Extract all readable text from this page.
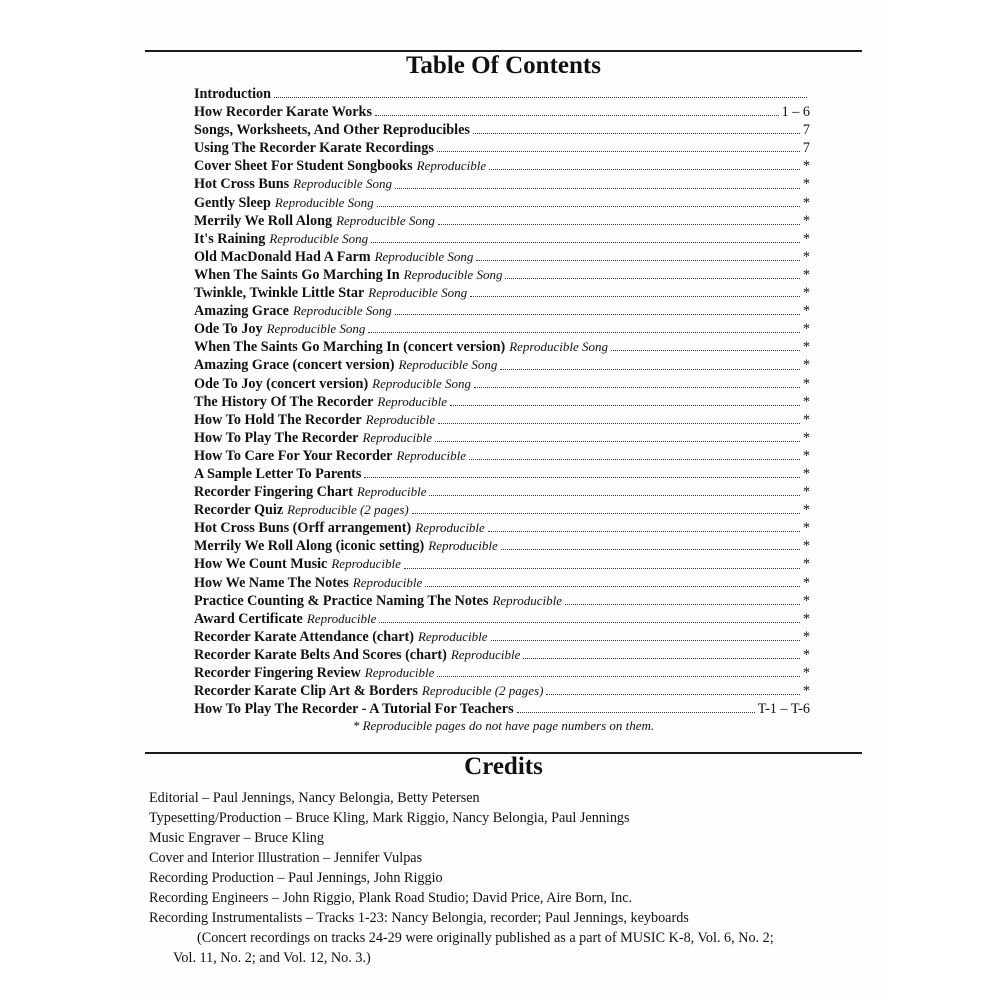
Table Of Contents
Introduction
How Recorder Karate Works	1 – 6
Songs, Worksheets, And Other Reproducibles	7
Using The Recorder Karate Recordings	7
Cover Sheet For Student Songbooks Reproducible	*
Hot Cross Buns Reproducible Song	*
Gently Sleep Reproducible Song	*
Merrily We Roll Along Reproducible Song	*
It's Raining Reproducible Song	*
Old MacDonald Had A Farm Reproducible Song	*
When The Saints Go Marching In Reproducible Song	*
Twinkle, Twinkle Little Star Reproducible Song	*
Amazing Grace Reproducible Song	*
Ode To Joy Reproducible Song	*
When The Saints Go Marching In (concert version) Reproducible Song	*
Amazing Grace (concert version) Reproducible Song	*
Ode To Joy (concert version) Reproducible Song	*
The History Of The Recorder Reproducible	*
How To Hold The Recorder Reproducible	*
How To Play The Recorder Reproducible	*
How To Care For Your Recorder Reproducible	*
A Sample Letter To Parents	*
Recorder Fingering Chart Reproducible	*
Recorder Quiz Reproducible (2 pages)	*
Hot Cross Buns (Orff arrangement) Reproducible	*
Merrily We Roll Along (iconic setting) Reproducible	*
How We Count Music Reproducible	*
How We Name The Notes Reproducible	*
Practice Counting & Practice Naming The Notes Reproducible	*
Award Certificate Reproducible	*
Recorder Karate Attendance (chart) Reproducible	*
Recorder Karate Belts And Scores (chart) Reproducible	*
Recorder Fingering Review Reproducible	*
Recorder Karate Clip Art & Borders Reproducible (2 pages)	*
How To Play The Recorder - A Tutorial For Teachers	T-1 – T-6
* Reproducible pages do not have page numbers on them.
Credits
Editorial – Paul Jennings, Nancy Belongia, Betty Petersen
Typesetting/Production – Bruce Kling, Mark Riggio, Nancy Belongia, Paul Jennings
Music Engraver – Bruce Kling
Cover and Interior Illustration – Jennifer Vulpas
Recording Production – Paul Jennings, John Riggio
Recording Engineers – John Riggio, Plank Road Studio; David Price, Aire Born, Inc.
Recording Instrumentalists – Tracks 1-23: Nancy Belongia, recorder; Paul Jennings, keyboards
(Concert recordings on tracks 24-29 were originally published as a part of MUSIC K-8, Vol. 6, No. 2;
Vol. 11, No. 2; and Vol. 12, No. 3.)
